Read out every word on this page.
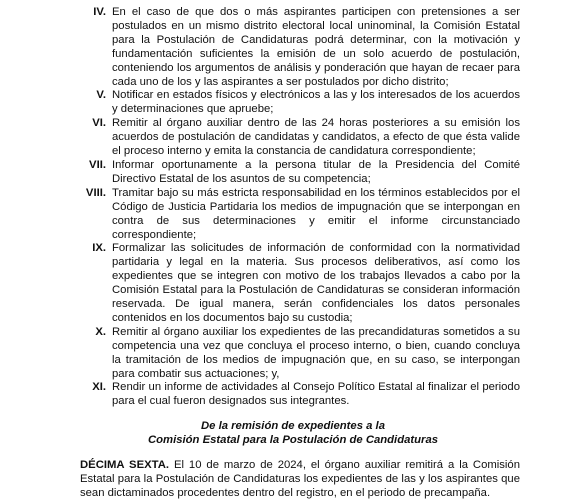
IV. En el caso de que dos o más aspirantes participen con pretensiones a ser postulados en un mismo distrito electoral local uninominal, la Comisión Estatal para la Postulación de Candidaturas podrá determinar, con la motivación y fundamentación suficientes la emisión de un solo acuerdo de postulación, conteniendo los argumentos de análisis y ponderación que hayan de recaer para cada uno de los y las aspirantes a ser postulados por dicho distrito;

V. Notificar en estados físicos y electrónicos a las y los interesados de los acuerdos y determinaciones que apruebe;

VI. Remitir al órgano auxiliar dentro de las 24 horas posteriores a su emisión los acuerdos de postulación de candidatas y candidatos, a efecto de que ésta valide el proceso interno y emita la constancia de candidatura correspondiente;

VII. Informar oportunamente a la persona titular de la Presidencia del Comité Directivo Estatal de los asuntos de su competencia;

VIII. Tramitar bajo su más estricta responsabilidad en los términos establecidos por el Código de Justicia Partidaria los medios de impugnación que se interpongan en contra de sus determinaciones y emitir el informe circunstanciado correspondiente;

IX. Formalizar las solicitudes de información de conformidad con la normatividad partidaria y legal en la materia. Sus procesos deliberativos, así como los expedientes que se integren con motivo de los trabajos llevados a cabo por la Comisión Estatal para la Postulación de Candidaturas se consideran información reservada. De igual manera, serán confidenciales los datos personales contenidos en los documentos bajo su custodia;

X. Remitir al órgano auxiliar los expedientes de las precandidaturas sometidos a su competencia una vez que concluya el proceso interno, o bien, cuando concluya la tramitación de los medios de impugnación que, en su caso, se interpongan para combatir sus actuaciones; y,

XI. Rendir un informe de actividades al Consejo Político Estatal al finalizar el periodo para el cual fueron designados sus integrantes.

De la remisión de expedientes a la
Comisión Estatal para la Postulación de Candidaturas

DÉCIMA SEXTA. El 10 de marzo de 2024, el órgano auxiliar remitirá a la Comisión Estatal para la Postulación de Candidaturas los expedientes de las y los aspirantes que sean dictaminados procedentes dentro del registro, en el periodo de precampaña.
